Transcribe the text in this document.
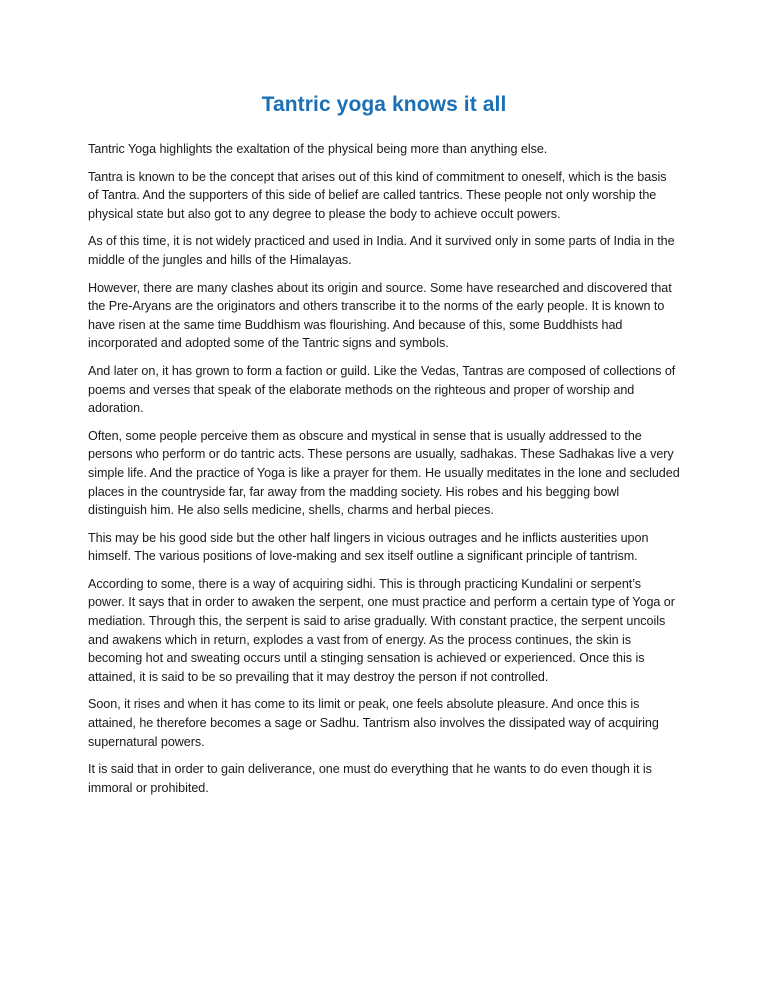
Tantric yoga knows it all

Tantric Yoga highlights the exaltation of the physical being more than anything else.

Tantra is known to be the concept that arises out of this kind of commitment to oneself, which is the basis of Tantra. And the supporters of this side of belief are called tantrics. These people not only worship the physical state but also got to any degree to please the body to achieve occult powers.

As of this time, it is not widely practiced and used in India. And it survived only in some parts of India in the middle of the jungles and hills of the Himalayas.

However, there are many clashes about its origin and source. Some have researched and discovered that the Pre-Aryans are the originators and others transcribe it to the norms of the early people. It is known to have risen at the same time Buddhism was flourishing. And because of this, some Buddhists had incorporated and adopted some of the Tantric signs and symbols.

And later on, it has grown to form a faction or guild. Like the Vedas, Tantras are composed of collections of poems and verses that speak of the elaborate methods on the righteous and proper of worship and adoration.

Often, some people perceive them as obscure and mystical in sense that is usually addressed to the persons who perform or do tantric acts. These persons are usually, sadhakas. These Sadhakas live a very simple life. And the practice of Yoga is like a prayer for them. He usually meditates in the lone and secluded places in the countryside far, far away from the madding society. His robes and his begging bowl distinguish him. He also sells medicine, shells, charms and herbal pieces.

This may be his good side but the other half lingers in vicious outrages and he inflicts austerities upon himself. The various positions of love-making and sex itself outline a significant principle of tantrism.

According to some, there is a way of acquiring sidhi. This is through practicing Kundalini or serpent’s power. It says that in order to awaken the serpent, one must practice and perform a certain type of Yoga or mediation. Through this, the serpent is said to arise gradually. With constant practice, the serpent uncoils and awakens which in return, explodes a vast from of energy. As the process continues, the skin is becoming hot and sweating occurs until a stinging sensation is achieved or experienced. Once this is attained, it is said to be so prevailing that it may destroy the person if not controlled.

Soon, it rises and when it has come to its limit or peak, one feels absolute pleasure. And once this is attained, he therefore becomes a sage or Sadhu. Tantrism also involves the dissipated way of acquiring supernatural powers.

It is said that in order to gain deliverance, one must do everything that he wants to do even though it is immoral or prohibited.
